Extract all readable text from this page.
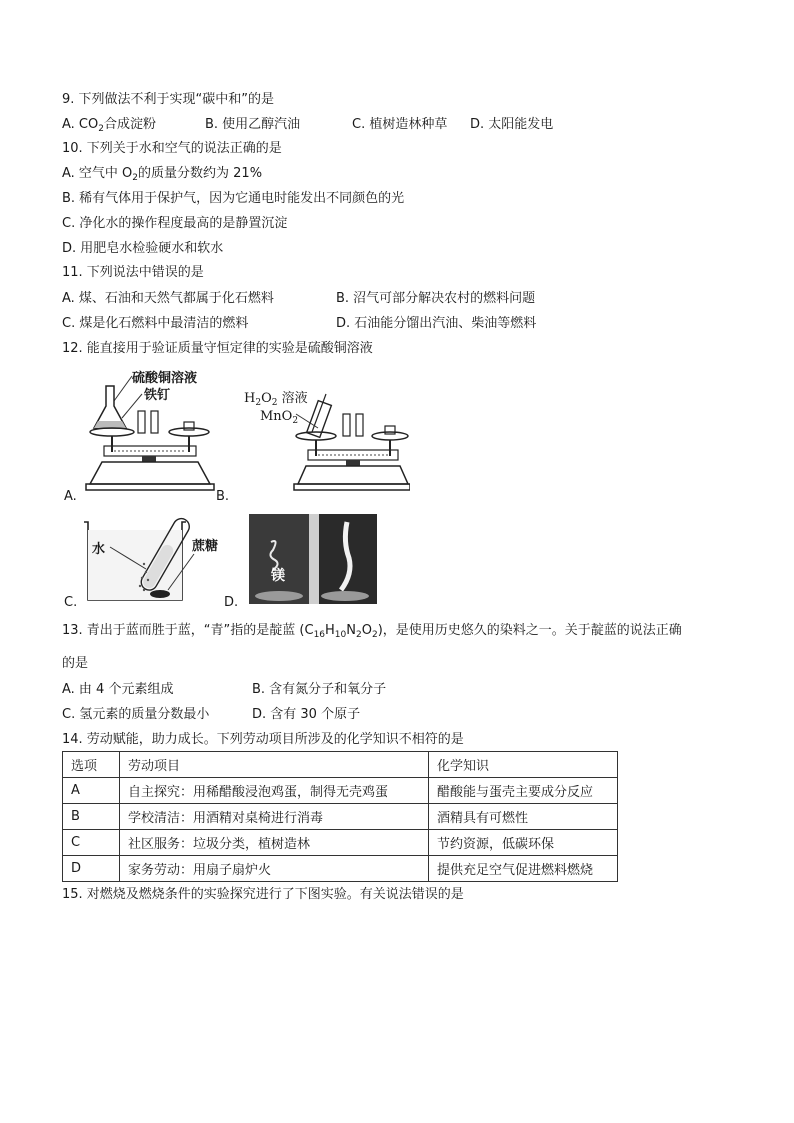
9. 下列做法不利于实现“碳中和”的是
A. $CO_2$合成淀粉	B. 使用乙醇汽油	C. 植树造林种草 D. 太阳能发电
10. 下列关于水和空气的说法正确的是
A. 空气中 $O_2$的质量分数约为 21%
B. 稀有气体用于保护气，因为它通电时能发出不同颜色的光
C. 净化水的操作程度最高的是静置沉淀
D. 用肥皂水检验硬水和软水
11. 下列说法中错误的是
A. 煤、石油和天然气都属于化石燃料	B. 沼气可部分解决农村的燃料问题
C. 煤是化石燃料中最清洁的燃料	D. 石油能分馏出汽油、柴油等燃料
12. 能直接用于验证质量守恒定律的实验是硫酸铜溶液
A.
硫酸铜溶液
铁钉
B.
$H_2O_2$ 溶液
MnO$_2$
C.
水	蔗糖
D.
镁
13. 青出于蓝而胜于蓝，“青”指的是靛蓝 $(C_{16}H_{10}N_2O_2)$，是使用历史悠久的染料之一。关于靛蓝的说法正确
的是
A. 由 4 个元素组成	B. 含有氮分子和氧分子
C. 氢元素的质量分数最小	D. 含有 30 个原子
14. 劳动赋能，助力成长。下列劳动项目所涉及的化学知识不相符的是
选项	劳动项目	化学知识
A	自主探究：用稀醋酸浸泡鸡蛋，制得无壳鸡蛋	醋酸能与蛋壳主要成分反应
B	学校清洁：用酒精对桌椅进行消毒	酒精具有可燃性
C	社区服务：垃圾分类，植树造林	节约资源，低碳环保
D	家务劳动：用扇子扇炉火	提供充足空气促进燃料燃烧
15. 对燃烧及燃烧条件的实验探究进行了下图实验。有关说法错误的是
